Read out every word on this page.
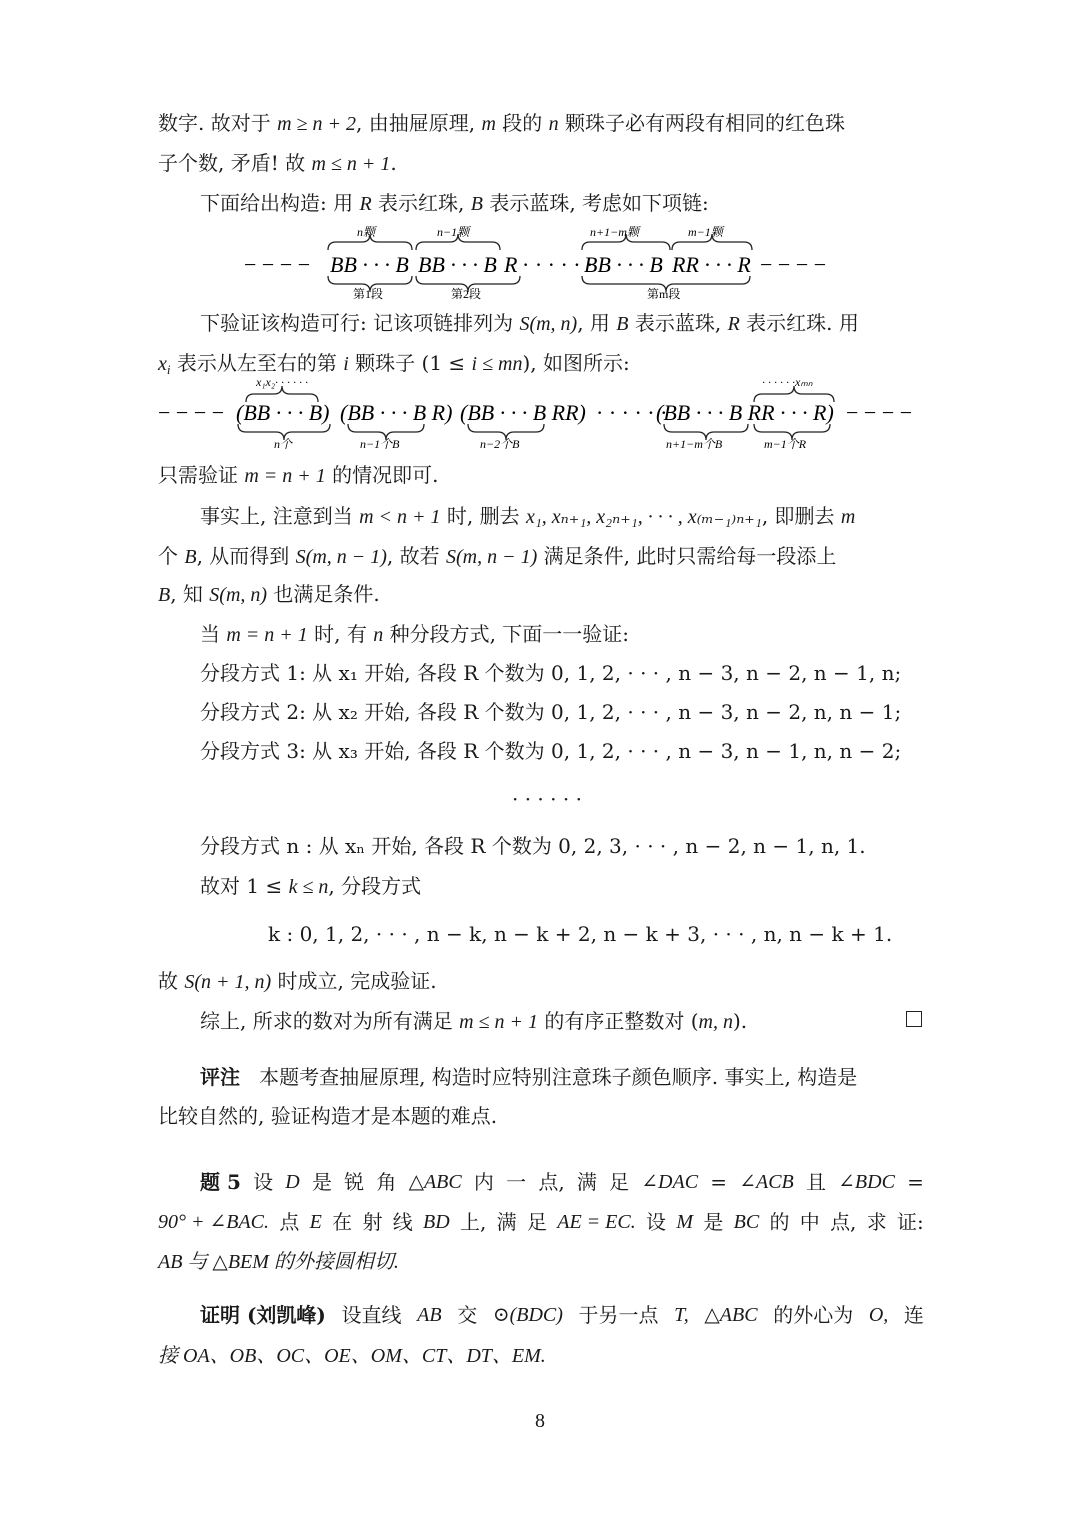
数字. 故对于 m ≥ n + 2, 由抽屉原理, m 段的 n 颗珠子必有两段有相同的红色珠
子个数, 矛盾! 故 m ≤ n + 1.
下面给出构造: 用 R 表示红珠, B 表示蓝珠, 考虑如下项链:
− − − − BB · · · B BB · · · B R · · · · · ·
BB · · · B RR · · · R − − − −
n颗	n−1颗	n+1−m颗	m−1颗
第1段	第2段	第m段
下验证该构造可行: 记该项链排列为 S(m, n), 用 B 表示蓝珠, R 表示红珠. 用
$x_i$ 表示从左至右的第 i 颗珠子 (1 ≤ i ≤ mn), 如图所示:
− − − − (BB · · · B) (BB · · · B R) (BB · · · B RR) · · · · · ·
(BB · · · B RR · · · R) − − − −
x₁x₂· · · · · ·	· · · · · ·xₘₙ
n个	n−1个B	n−2个B	n+1−m个B	m−1个R
只需验证 m = n + 1 的情况即可.
事实上, 注意到当 m < n + 1 时, 删去 x₁, xₙ₊₁, x₂ₙ₊₁, · · · , x₍ₘ₋₁₎ₙ₊₁, 即删去 m
个 B, 从而得到 S(m, n − 1), 故若 S(m, n − 1) 满足条件, 此时只需给每一段添上
B, 知 S(m, n) 也满足条件.
当 m = n + 1 时, 有 n 种分段方式, 下面一一验证:
分段方式 1: 从 x₁ 开始, 各段 R 个数为 0, 1, 2, · · · , n − 3, n − 2, n − 1, n;
分段方式 2: 从 x₂ 开始, 各段 R 个数为 0, 1, 2, · · · , n − 3, n − 2, n, n − 1;
分段方式 3: 从 x₃ 开始, 各段 R 个数为 0, 1, 2, · · · , n − 3, n − 1, n, n − 2;
· · · · · ·
分段方式 n : 从 xₙ 开始, 各段 R 个数为 0, 2, 3, · · · , n − 2, n − 1, n, 1.
故对 1 ≤ k ≤ n, 分段方式
k : 0, 1, 2, · · · , n − k, n − k + 2, n − k + 3, · · · , n, n − k + 1.
故 S(n + 1, n) 时成立, 完成验证.
综上, 所求的数对为所有满足 m ≤ n + 1 的有序正整数对 (m, n).
评注 本题考查抽屉原理, 构造时应特别注意珠子颜色顺序. 事实上, 构造是
比较自然的, 验证构造才是本题的难点.
题 5 设 D 是 锐 角 △ABC 内 一 点, 满 足 ∠DAC = ∠ACB 且 ∠BDC =
90° + ∠BAC. 点 E 在 射 线 BD 上, 满 足 AE = EC. 设 M 是 BC 的 中 点, 求 证:
AB 与 △BEM 的外接圆相切.
证明 (刘凯峰) 设直线 AB 交 ⊙(BDC) 于另一点 T, △ABC 的外心为 O, 连
接 OA、OB、OC、OE、OM、CT、DT、EM.
8
